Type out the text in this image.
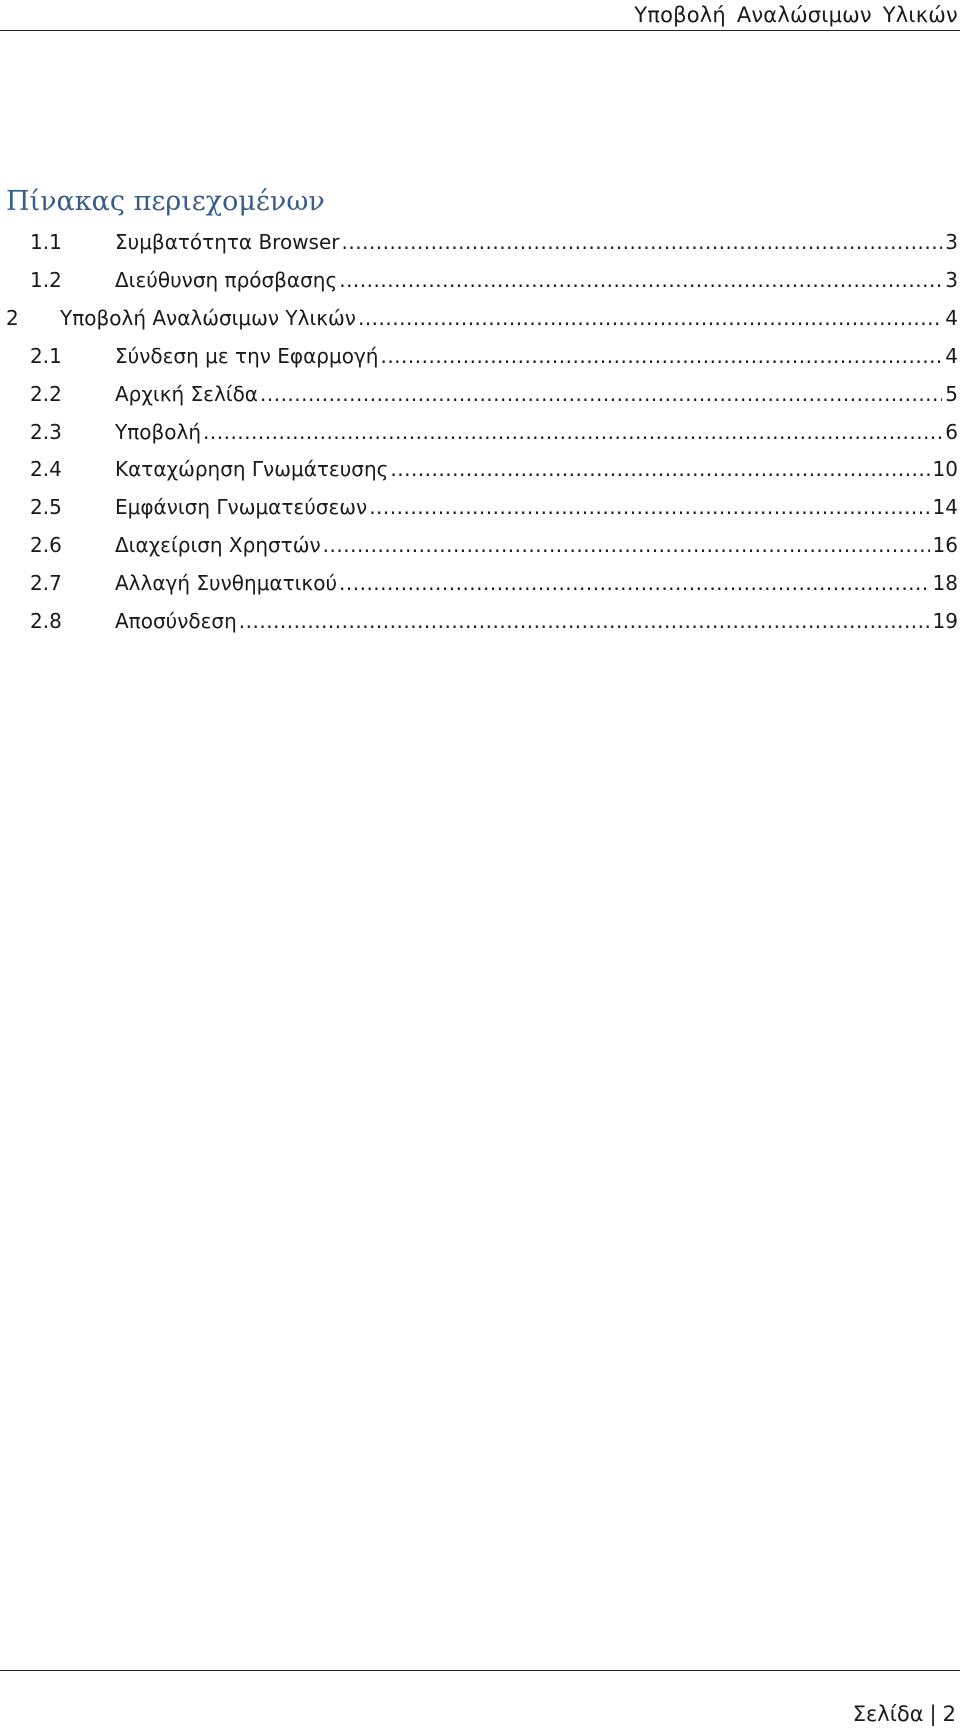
Υποβολή Αναλώσιμων Υλικών
Πίνακας περιεχομένων
1.1	Συμβατότητα Browser .....	3
1.2	Διεύθυνση πρόσβασης .....	3
2 Υποβολή Αναλώσιμων Υλικών .....	4
2.1	Σύνδεση με την Εφαρμογή .....	4
2.2	Αρχική Σελίδα .....	5
2.3	Υποβολή .....	6
2.4	Καταχώρηση Γνωμάτευσης .....	10
2.5	Εμφάνιση Γνωματεύσεων .....	14
2.6	Διαχείριση Χρηστών .....	16
2.7	Αλλαγή Συνθηματικού .....	18
2.8	Αποσύνδεση .....	19
Σελίδα | 2
